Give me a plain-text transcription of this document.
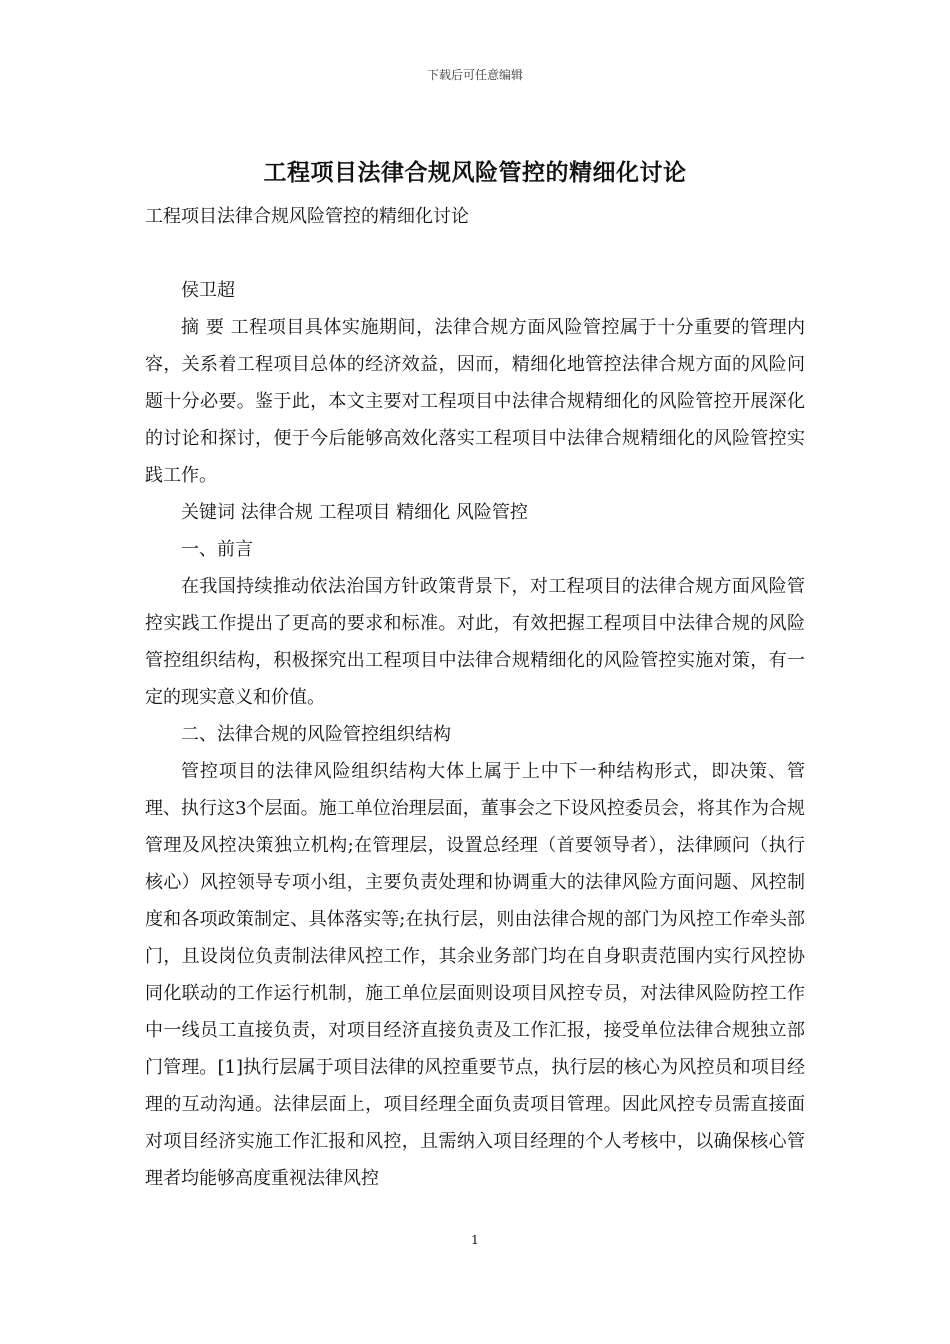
下载后可任意编辑
工程项目法律合规风险管控的精细化讨论
工程项目法律合规风险管控的精细化讨论

侯卫超

摘 要 工程项目具体实施期间，法律合规方面风险管控属于十分重要的管理内容，关系着工程项目总体的经济效益，因而，精细化地管控法律合规方面的风险问题十分必要。鉴于此，本文主要对工程项目中法律合规精细化的风险管控开展深化的讨论和探讨，便于今后能够高效化落实工程项目中法律合规精细化的风险管控实践工作。

关键词 法律合规 工程项目 精细化 风险管控

一、前言

在我国持续推动依法治国方针政策背景下，对工程项目的法律合规方面风险管控实践工作提出了更高的要求和标准。对此，有效把握工程项目中法律合规的风险管控组织结构，积极探究出工程项目中法律合规精细化的风险管控实施对策，有一定的现实意义和价值。

二、法律合规的风险管控组织结构

管控项目的法律风险组织结构大体上属于上中下一种结构形式，即决策、管理、执行这3个层面。施工单位治理层面，董事会之下设风控委员会，将其作为合规管理及风控决策独立机构;在管理层，设置总经理（首要领导者），法律顾问（执行核心）风控领导专项小组，主要负责处理和协调重大的法律风险方面问题、风控制度和各项政策制定、具体落实等;在执行层，则由法律合规的部门为风控工作牵头部门，且设岗位负责制法律风控工作，其余业务部门均在自身职责范围内实行风控协同化联动的工作运行机制，施工单位层面则设项目风控专员，对法律风险防控工作中一线员工直接负责，对项目经济直接负责及工作汇报，接受单位法律合规独立部门管理。[1]执行层属于项目法律的风控重要节点，执行层的核心为风控员和项目经理的互动沟通。法律层面上，项目经理全面负责项目管理。因此风控专员需直接面对项目经济实施工作汇报和风控，且需纳入项目经理的个人考核中，以确保核心管理者均能够高度重视法律风控

1
